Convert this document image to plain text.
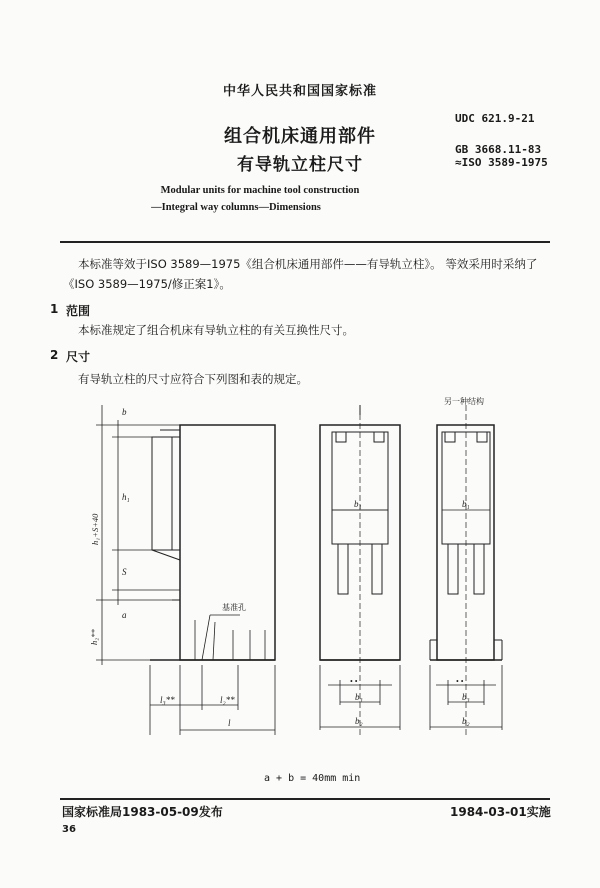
中华人民共和国国家标准
UDC 621.9-21
组合机床通用部件
GB 3668.11-83
≈ISO 3589-1975
有导轨立柱尺寸
Modular units for machine tool construction
—Integral way columns—Dimensions
本标准等效于ISO 3589—1975《组合机床通用部件——有导轨立柱》。 等效采用时采纳了
《ISO 3589—1975/修正案1》。
1 范围
本标准规定了组合机床有导轨立柱的有关互换性尺寸。
2 尺寸
有导轨立柱的尺寸应符合下列图和表的规定。
另一种结构
基准孔
b
h₁+S+40
h₁
S
a
h₂**
l₃**	l₂**
l
b₁	b₁
b₃	b₃
b₂	b₂
• •	• •
a + b = 40mm min
国家标准局1983-05-09发布	1984-03-01实施
36
